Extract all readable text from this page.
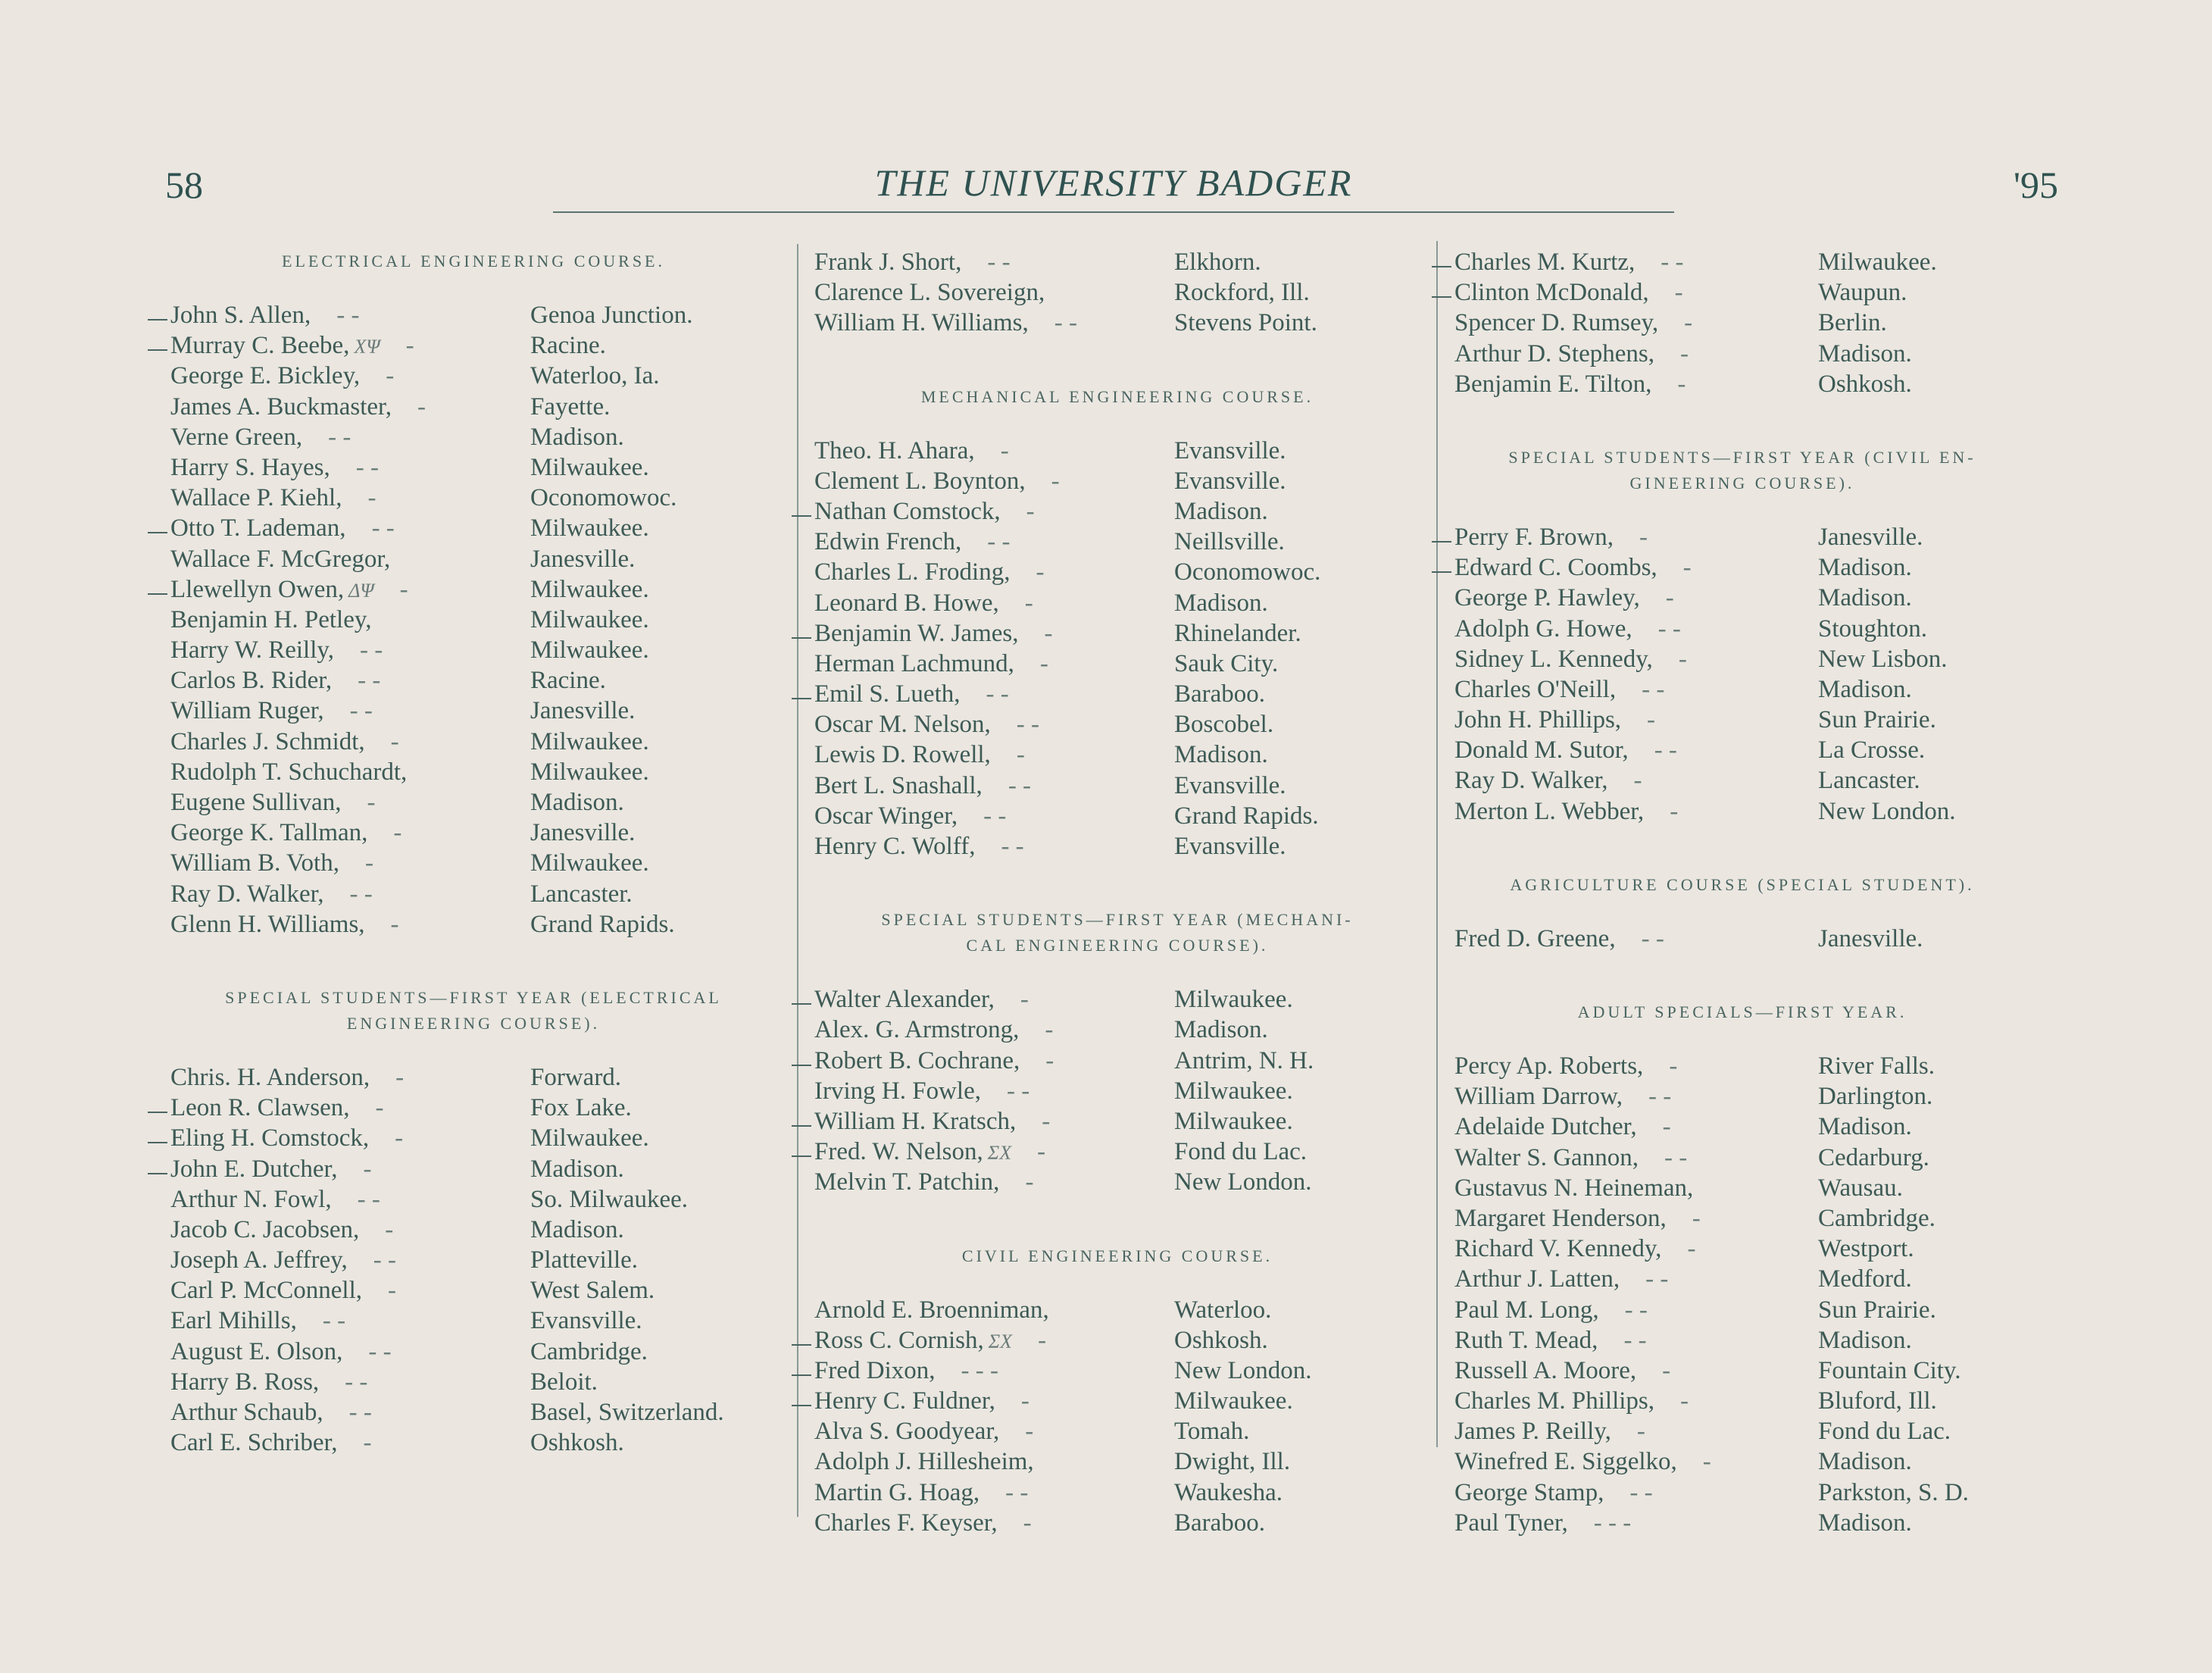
58	THE UNIVERSITY BADGER	'95
ELECTRICAL ENGINEERING COURSE.
John S. Allen, - -	Genoa Junction.
Murray C. Beebe, ΧΨ -	Racine.
George E. Bickley, -	Waterloo, Ia.
James A. Buckmaster, -	Fayette.
Verne Green, - -	Madison.
Harry S. Hayes, - -	Milwaukee.
Wallace P. Kiehl, -	Oconomowoc.
Otto T. Lademan, - -	Milwaukee.
Wallace F. McGregor,	Janesville.
Llewellyn Owen, ΔΨ -	Milwaukee.
Benjamin H. Petley,	Milwaukee.
Harry W. Reilly, - -	Milwaukee.
Carlos B. Rider, - -	Racine.
William Ruger, - -	Janesville.
Charles J. Schmidt, -	Milwaukee.
Rudolph T. Schuchardt,	Milwaukee.
Eugene Sullivan, -	Madison.
George K. Tallman, -	Janesville.
William B. Voth, -	Milwaukee.
Ray D. Walker, - -	Lancaster.
Glenn H. Williams, -	Grand Rapids.
SPECIAL STUDENTS—FIRST YEAR (ELECTRICAL
ENGINEERING COURSE).
Chris. H. Anderson, -	Forward.
Leon R. Clawsen, -	Fox Lake.
Eling H. Comstock, -	Milwaukee.
John E. Dutcher, -	Madison.
Arthur N. Fowl, - -	So. Milwaukee.
Jacob C. Jacobsen, -	Madison.
Joseph A. Jeffrey, - -	Platteville.
Carl P. McConnell, -	West Salem.
Earl Mihills, - -	Evansville.
August E. Olson, - -	Cambridge.
Harry B. Ross, - -	Beloit.
Arthur Schaub, - -	Basel, Switzerland.
Carl E. Schriber, -	Oshkosh.
Frank J. Short, - -	Elkhorn.
Clarence L. Sovereign,	Rockford, Ill.
William H. Williams, - -	Stevens Point.
MECHANICAL ENGINEERING COURSE.
Theo. H. Ahara, -	Evansville.
Clement L. Boynton, -	Evansville.
Nathan Comstock, -	Madison.
Edwin French, - -	Neillsville.
Charles L. Froding, -	Oconomowoc.
Leonard B. Howe, -	Madison.
Benjamin W. James, -	Rhinelander.
Herman Lachmund, -	Sauk City.
Emil S. Lueth, - -	Baraboo.
Oscar M. Nelson, - -	Boscobel.
Lewis D. Rowell, -	Madison.
Bert L. Snashall, - -	Evansville.
Oscar Winger, - -	Grand Rapids.
Henry C. Wolff, - -	Evansville.
SPECIAL STUDENTS—FIRST YEAR (MECHANI-
CAL ENGINEERING COURSE).
Walter Alexander, -	Milwaukee.
Alex. G. Armstrong, -	Madison.
Robert B. Cochrane, -	Antrim, N. H.
Irving H. Fowle, - -	Milwaukee.
William H. Kratsch, -	Milwaukee.
Fred. W. Nelson, ΣΧ -	Fond du Lac.
Melvin T. Patchin, -	New London.
CIVIL ENGINEERING COURSE.
Arnold E. Broenniman,	Waterloo.
Ross C. Cornish, ΣΧ -	Oshkosh.
Fred Dixon, - - -	New London.
Henry C. Fuldner, -	Milwaukee.
Alva S. Goodyear, -	Tomah.
Adolph J. Hillesheim,	Dwight, Ill.
Martin G. Hoag, - -	Waukesha.
Charles F. Keyser, -	Baraboo.
Charles M. Kurtz, - -	Milwaukee.
Clinton McDonald, -	Waupun.
Spencer D. Rumsey, -	Berlin.
Arthur D. Stephens, -	Madison.
Benjamin E. Tilton, -	Oshkosh.
SPECIAL STUDENTS—FIRST YEAR (CIVIL EN-
GINEERING COURSE).
Perry F. Brown, -	Janesville.
Edward C. Coombs, -	Madison.
George P. Hawley, -	Madison.
Adolph G. Howe, - -	Stoughton.
Sidney L. Kennedy, -	New Lisbon.
Charles O'Neill, - -	Madison.
John H. Phillips, -	Sun Prairie.
Donald M. Sutor, - -	La Crosse.
Ray D. Walker, -	Lancaster.
Merton L. Webber, -	New London.
AGRICULTURE COURSE (SPECIAL STUDENT).
Fred D. Greene, - -	Janesville.
ADULT SPECIALS—FIRST YEAR.
Percy Ap. Roberts, -	River Falls.
William Darrow, - -	Darlington.
Adelaide Dutcher, -	Madison.
Walter S. Gannon, - -	Cedarburg.
Gustavus N. Heineman,	Wausau.
Margaret Henderson, -	Cambridge.
Richard V. Kennedy, -	Westport.
Arthur J. Latten, - -	Medford.
Paul M. Long, - -	Sun Prairie.
Ruth T. Mead, - -	Madison.
Russell A. Moore, -	Fountain City.
Charles M. Phillips, -	Bluford, Ill.
James P. Reilly, -	Fond du Lac.
Winefred E. Siggelko, -	Madison.
George Stamp, - -	Parkston, S. D.
Paul Tyner, - - -	Madison.
